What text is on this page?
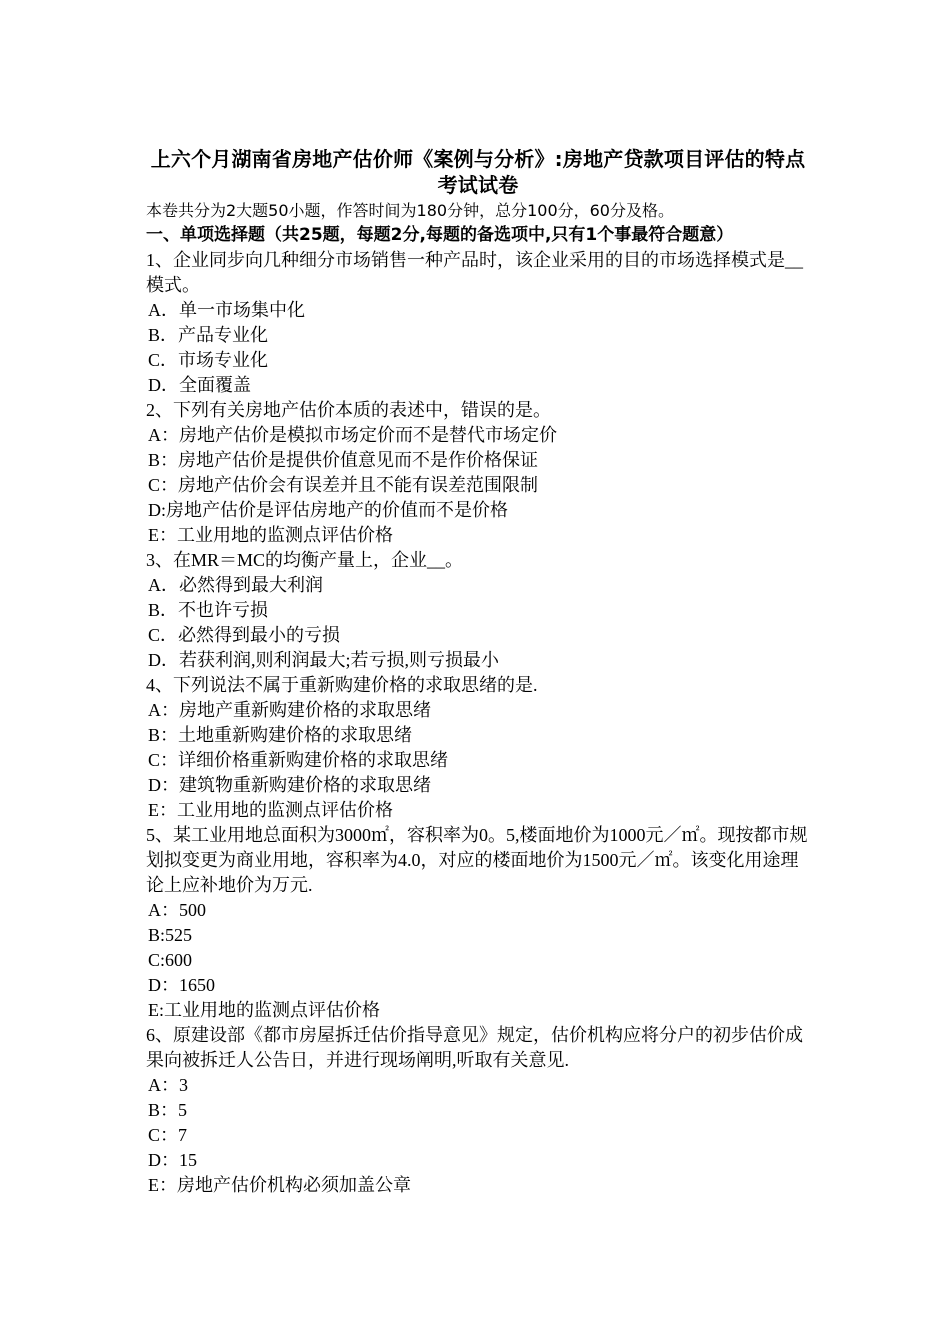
上六个月湖南省房地产估价师《案例与分析》:房地产贷款项目评估的特点考试试卷

本卷共分为2大题50小题，作答时间为180分钟，总分100分，60分及格。

一、单项选择题（共25题，每题2分,每题的备选项中,只有1个事最符合题意）

1、企业同步向几种细分市场销售一种产品时，该企业采用的目的市场选择模式是__模式。

A．单一市场集中化

B．产品专业化

C．市场专业化

D．全面覆盖

2、下列有关房地产估价本质的表述中，错误的是。

A：房地产估价是模拟市场定价而不是替代市场定价

B：房地产估价是提供价值意见而不是作价格保证

C：房地产估价会有误差并且不能有误差范围限制

D:房地产估价是评估房地产的价值而不是价格

E：工业用地的监测点评估价格

3、在MR＝MC的均衡产量上，企业__。

A．必然得到最大利润

B．不也许亏损

C．必然得到最小的亏损

D．若获利润,则利润最大;若亏损,则亏损最小

4、下列说法不属于重新购建价格的求取思绪的是.

A：房地产重新购建价格的求取思绪

B：土地重新购建价格的求取思绪

C：详细价格重新购建价格的求取思绪

D：建筑物重新购建价格的求取思绪

E：工业用地的监测点评估价格

5、某工业用地总面积为3000㎡，容积率为0。5,楼面地价为1000元／㎡。现按都市规划拟变更为商业用地，容积率为4.0，对应的楼面地价为1500元／㎡。该变化用途理论上应补地价为万元.

A：500

B:525

C:600

D：1650

E:工业用地的监测点评估价格

6、原建设部《都市房屋拆迁估价指导意见》规定，估价机构应将分户的初步估价成果向被拆迁人公告日，并进行现场阐明,听取有关意见.

A：3

B：5

C：7

D：15

E：房地产估价机构必须加盖公章
